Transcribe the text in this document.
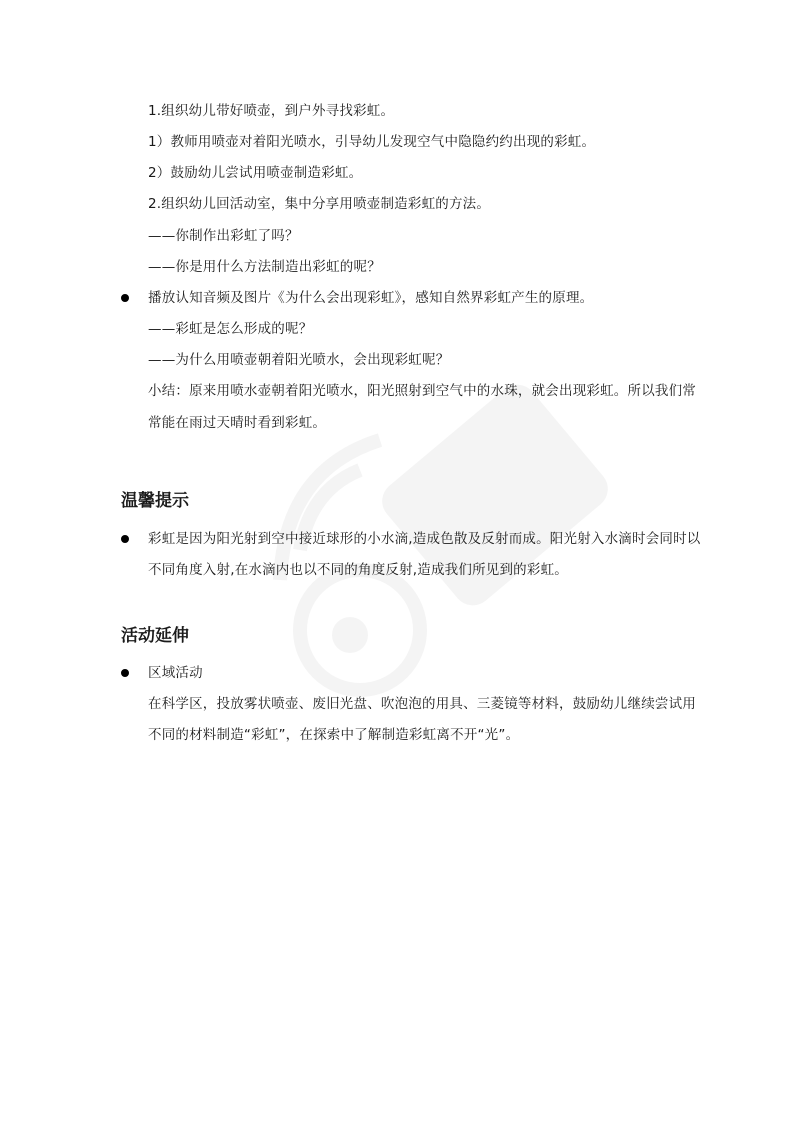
1.组织幼儿带好喷壶，到户外寻找彩虹。
1）教师用喷壶对着阳光喷水，引导幼儿发现空气中隐隐约约出现的彩虹。
2）鼓励幼儿尝试用喷壶制造彩虹。
2.组织幼儿回活动室，集中分享用喷壶制造彩虹的方法。
——你制作出彩虹了吗？
——你是用什么方法制造出彩虹的呢？
播放认知音频及图片《为什么会出现彩虹》，感知自然界彩虹产生的原理。
——彩虹是怎么形成的呢？
——为什么用喷壶朝着阳光喷水，会出现彩虹呢？
小结：原来用喷水壶朝着阳光喷水，阳光照射到空气中的水珠，就会出现彩虹。所以我们常
常能在雨过天晴时看到彩虹。
温馨提示
彩虹是因为阳光射到空中接近球形的小水滴,造成色散及反射而成。阳光射入水滴时会同时以
不同角度入射,在水滴内也以不同的角度反射,造成我们所见到的彩虹。
活动延伸
区域活动
在科学区，投放雾状喷壶、废旧光盘、吹泡泡的用具、三菱镜等材料，鼓励幼儿继续尝试用
不同的材料制造“彩虹”，在探索中了解制造彩虹离不开“光”。
